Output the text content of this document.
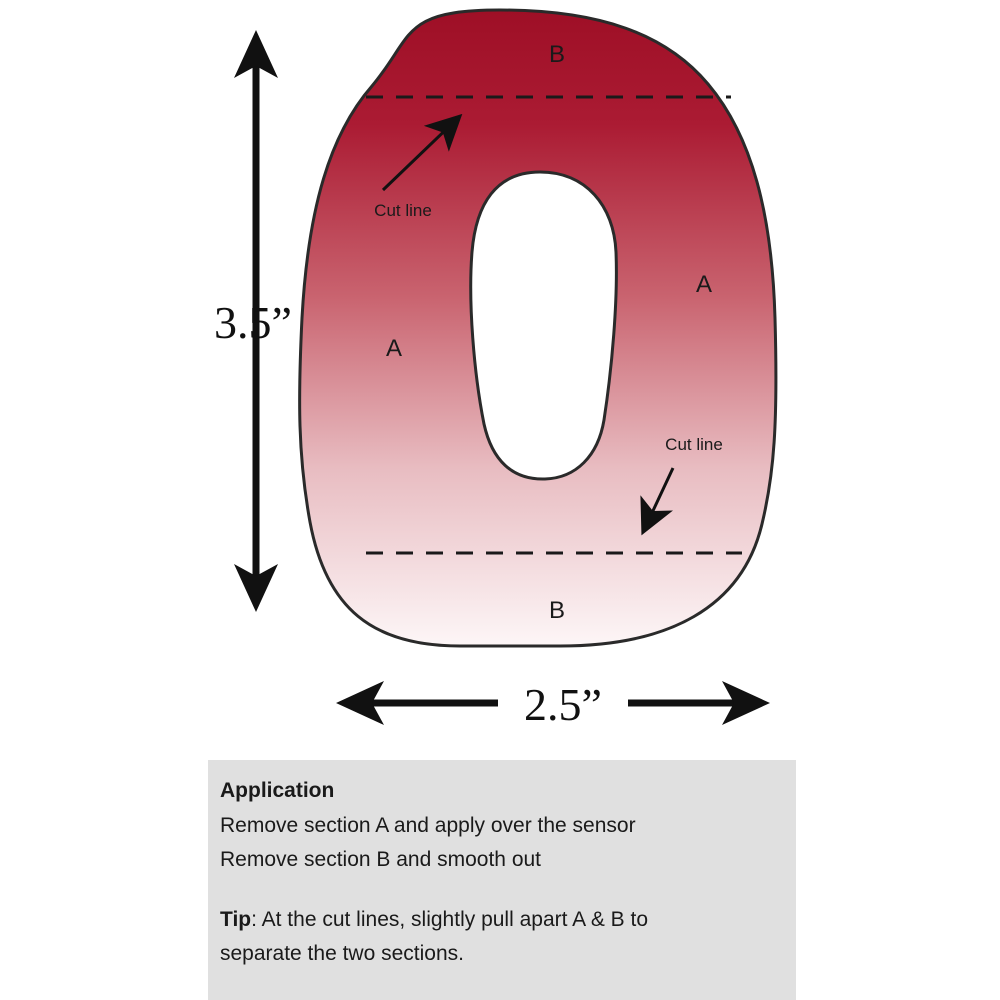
3.5”
2.5”
B
B
A
A
Cut line
Cut line
Application
Remove section A and apply over the sensor
Remove section B and smooth out
Tip: At the cut lines, slightly pull apart A & B to
separate the two sections.
